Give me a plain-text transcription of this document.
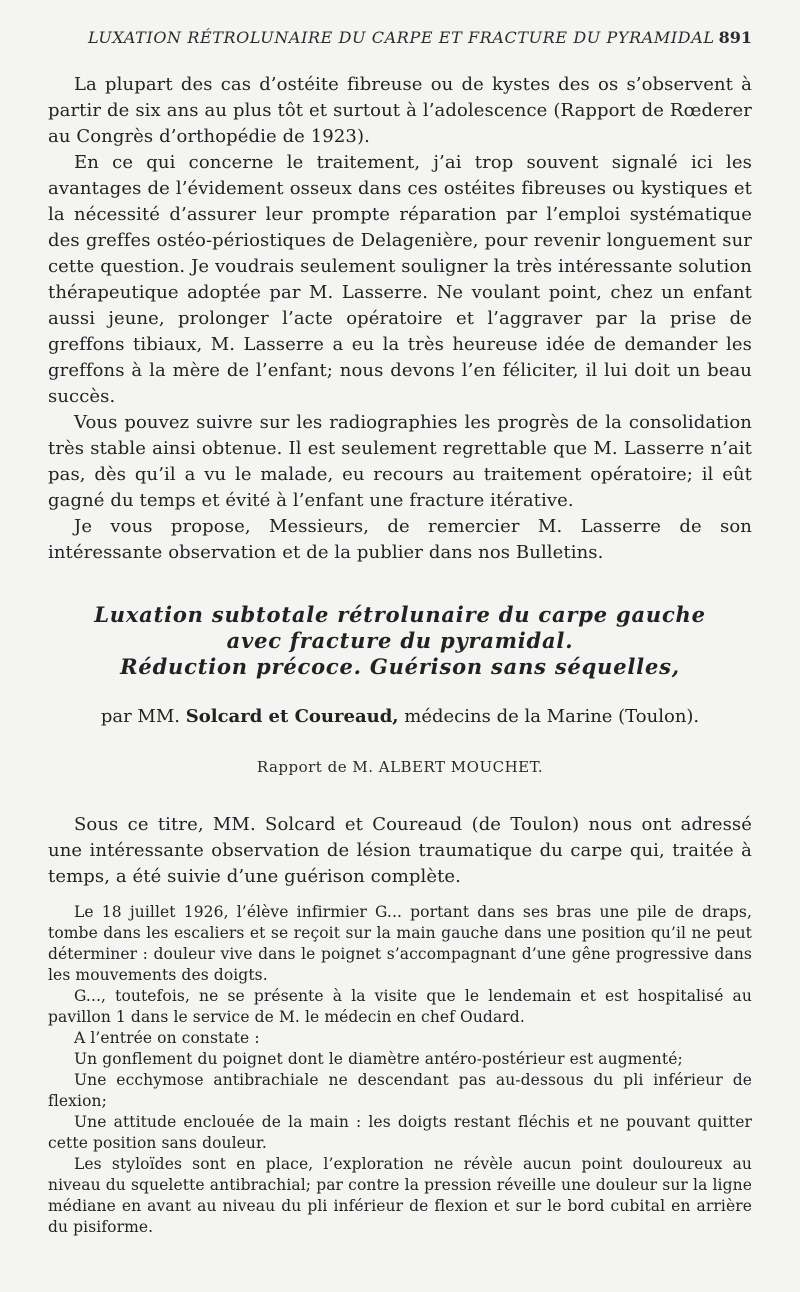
LUXATION RÉTROLUNAIRE DU CARPE ET FRACTURE DU PYRAMIDAL 891

La plupart des cas d’ostéite fibreuse ou de kystes des os s’observent à partir de six ans au plus tôt et surtout à l’adolescence (Rapport de Rœderer au Congrès d’orthopédie de 1923).

En ce qui concerne le traitement, j’ai trop souvent signalé ici les avantages de l’évidement osseux dans ces ostéites fibreuses ou kystiques et la nécessité d’assurer leur prompte réparation par l’emploi systématique des greffes ostéo-périostiques de Delagenière, pour revenir longuement sur cette question. Je voudrais seulement souligner la très intéressante solution thérapeutique adoptée par M. Lasserre. Ne voulant point, chez un enfant aussi jeune, prolonger l’acte opératoire et l’aggraver par la prise de greffons tibiaux, M. Lasserre a eu la très heureuse idée de demander les greffons à la mère de l’enfant; nous devons l’en féliciter, il lui doit un beau succès.

Vous pouvez suivre sur les radiographies les progrès de la consolidation très stable ainsi obtenue. Il est seulement regrettable que M. Lasserre n’ait pas, dès qu’il a vu le malade, eu recours au traitement opératoire; il eût gagné du temps et évité à l’enfant une fracture itérative.

Je vous propose, Messieurs, de remercier M. Lasserre de son intéressante observation et de la publier dans nos Bulletins.

Luxation subtotale rétrolunaire du carpe gauche
avec fracture du pyramidal.
Réduction précoce. Guérison sans séquelles,
par MM. Solcard et Coureaud, médecins de la Marine (Toulon).
Rapport de M. ALBERT MOUCHET.

Sous ce titre, MM. Solcard et Coureaud (de Toulon) nous ont adressé une intéressante observation de lésion traumatique du carpe qui, traitée à temps, a été suivie d’une guérison complète.

Le 18 juillet 1926, l’élève infirmier G... portant dans ses bras une pile de draps, tombe dans les escaliers et se reçoit sur la main gauche dans une position qu’il ne peut déterminer : douleur vive dans le poignet s’accompagnant d’une gêne progressive dans les mouvements des doigts.

G..., toutefois, ne se présente à la visite que le lendemain et est hospitalisé au pavillon 1 dans le service de M. le médecin en chef Oudard.

A l’entrée on constate :

Un gonflement du poignet dont le diamètre antéro-postérieur est augmenté;

Une ecchymose antibrachiale ne descendant pas au-dessous du pli inférieur de flexion;

Une attitude enclouée de la main : les doigts restant fléchis et ne pouvant quitter cette position sans douleur.

Les styloïdes sont en place, l’exploration ne révèle aucun point douloureux au niveau du squelette antibrachial; par contre la pression réveille une douleur sur la ligne médiane en avant au niveau du pli inférieur de flexion et sur le bord cubital en arrière du pisiforme.
